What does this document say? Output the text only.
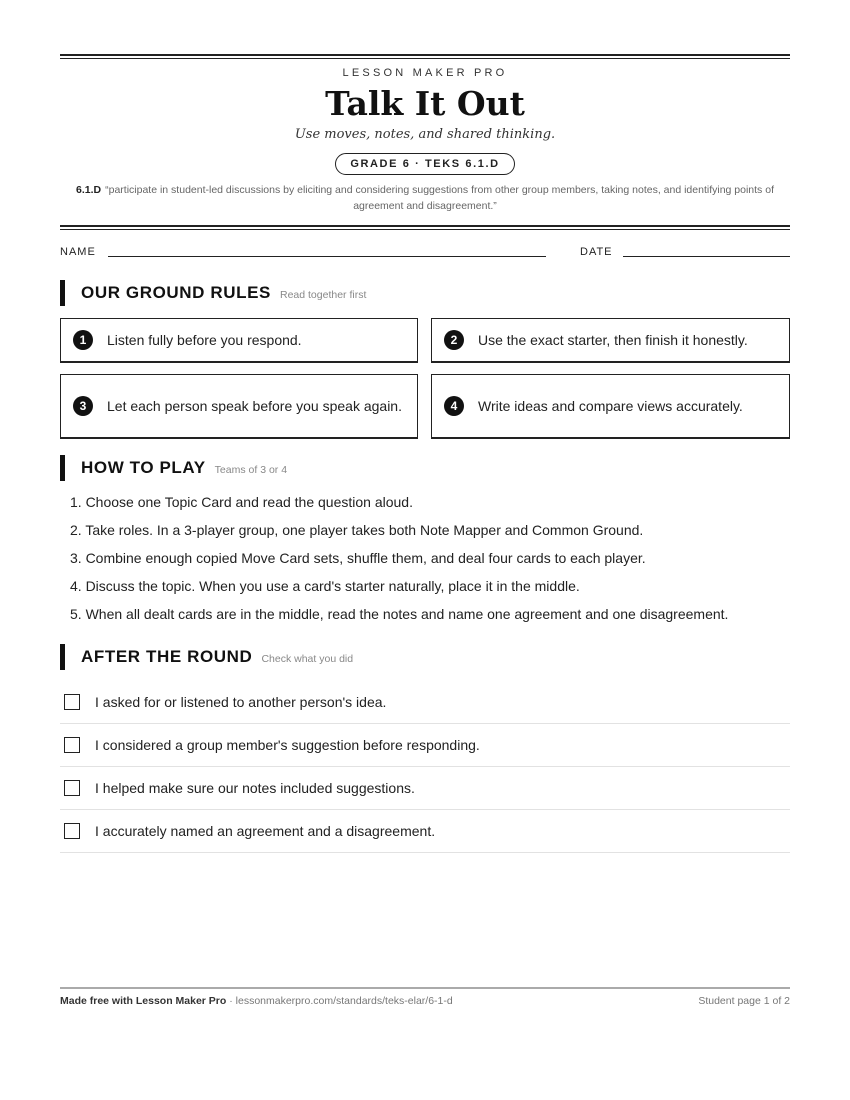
LESSON MAKER PRO
Talk It Out
Use moves, notes, and shared thinking.
GRADE 6 · TEKS 6.1.D
6.1.D “participate in student-led discussions by eliciting and considering suggestions from other group members, taking notes, and identifying points of agreement and disagreement.”
NAME	DATE
OUR GROUND RULES Read together first
1	Listen fully before you respond.	2	Use the exact starter, then finish it honestly.
3	Let each person speak before you speak again.	4	Write ideas and compare views accurately.
HOW TO PLAY Teams of 3 or 4
1. Choose one Topic Card and read the question aloud.
2. Take roles. In a 3-player group, one player takes both Note Mapper and Common Ground.
3. Combine enough copied Move Card sets, shuffle them, and deal four cards to each player.
4. Discuss the topic. When you use a card's starter naturally, place it in the middle.
5. When all dealt cards are in the middle, read the notes and name one agreement and one disagreement.
AFTER THE ROUND Check what you did
I asked for or listened to another person's idea.
I considered a group member's suggestion before responding.
I helped make sure our notes included suggestions.
I accurately named an agreement and a disagreement.
Made free with Lesson Maker Pro · lessonmakerpro.com/standards/teks-elar/6-1-d	Student page 1 of 2
